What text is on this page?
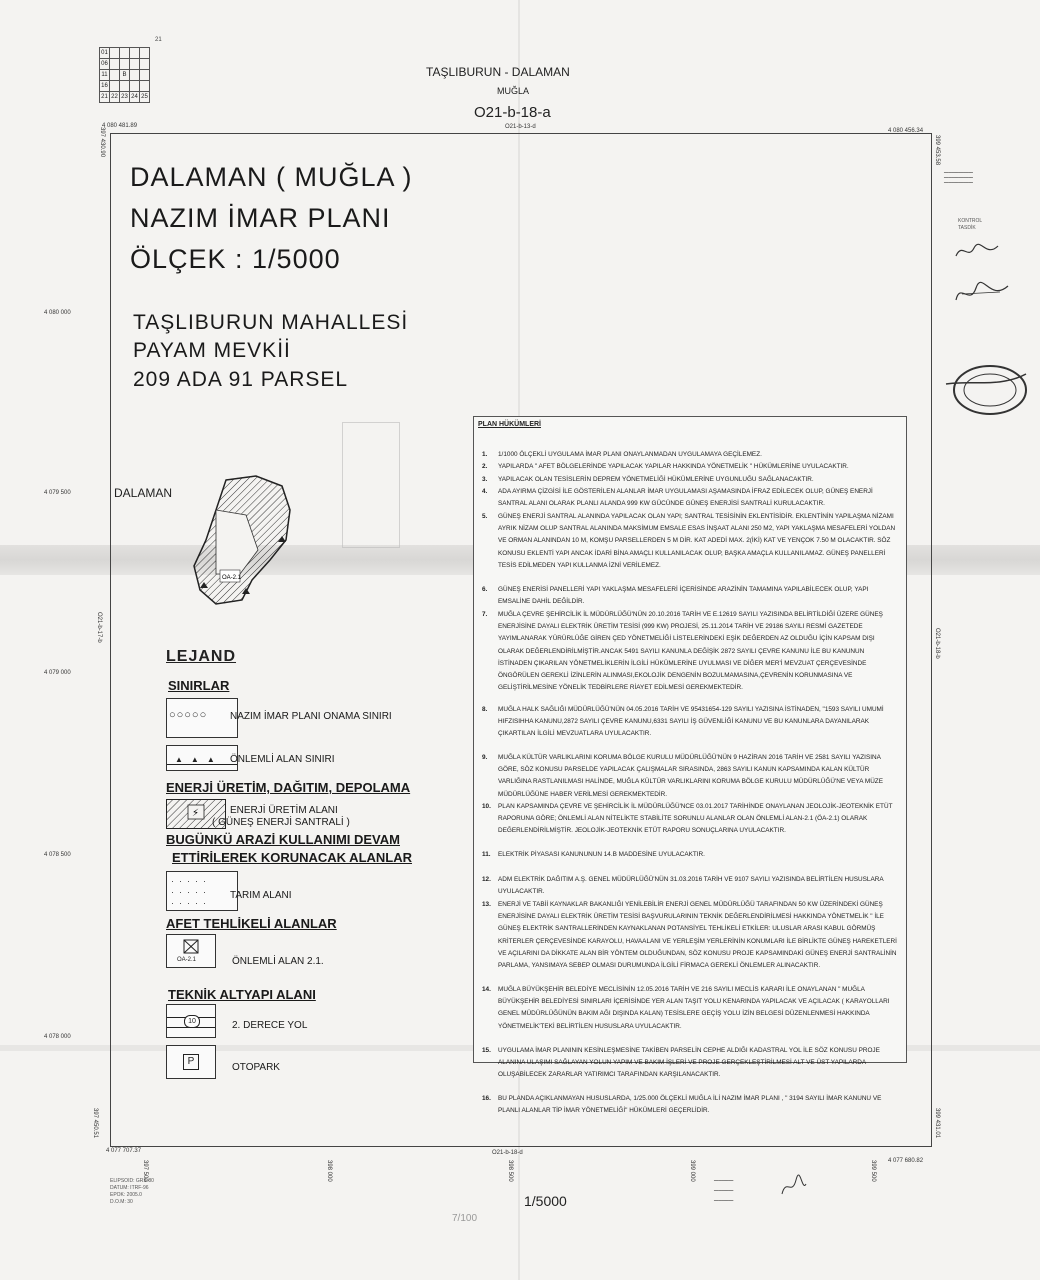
21
01				
06				
11		B		
16				
21	22	23	24	25
TAŞLIBURUN - DALAMAN
MUĞLA
O21-b-18-a
O21-b-13-d
O21-b-18-d
O21-b-17-b
O21-b-18-b
4 080 481.89
4 080 456.34
4 080 000
4 079 500
4 079 000
4 078 500
4 078 000
4 077 707.37
4 077 680.82
397 430.90
397 450.51
397 500	398 000	398 500	399 000	399 500
399 453.58
399 431.01
DALAMAN ( MUĞLA )
NAZIM İMAR PLANI
ÖLÇEK : 1/5000
TAŞLIBURUN MAHALLESİ
PAYAM MEVKİİ
209 ADA 91 PARSEL
DALAMAN
OA-2.1
LEJAND
SINIRLAR
○○○○○ NAZIM İMAR PLANI ONAMA SINIRI
▲▲▲ ÖNLEMLİ ALAN SINIRI
ENERJİ ÜRETİM, DAĞITIM, DEPOLAMA
⚡	ENERJİ ÜRETİM ALANI
( GÜNEŞ ENERJİ SANTRALİ )
BUGÜNKÜ ARAZİ KULLANIMI DEVAM
ETTİRİLEREK KORUNACAK ALANLAR
·····
·····
·····
TARIM ALANI
AFET TEHLİKELİ ALANLAR
OA-2.1	ÖNLEMLİ ALAN 2.1.
TEKNİK ALTYAPI ALANI
10	2. DERECE YOL
P
OTOPARK
PLAN HÜKÜMLERİ
1. 1/1000 ÖLÇEKLİ UYGULAMA İMAR PLANI ONAYLANMADAN UYGULAMAYA GEÇİLEMEZ.
2. YAPILARDA " AFET BÖLGELERİNDE YAPILACAK YAPILAR HAKKINDA YÖNETMELİK " HÜKÜMLERİNE UYULACAKTIR.
3. YAPILACAK OLAN TESİSLERİN DEPREM YÖNETMELİĞİ HÜKÜMLERİNE UYGUNLUĞU SAĞLANACAKTIR.
4. ADA AYIRMA ÇİZGİSİ İLE GÖSTERİLEN ALANLAR İMAR UYGULAMASI AŞAMASINDA İFRAZ EDİLECEK OLUP, GÜNEŞ ENERJİ SANTRAL ALANI OLARAK PLANLI ALANDA 999 KW GÜCÜNDE GÜNEŞ ENERJİSİ SANTRALİ KURULACAKTIR.
5. GÜNEŞ ENERJİ SANTRAL ALANINDA YAPILACAK OLAN YAPI; SANTRAL TESİSİNİN EKLENTİSİDİR. EKLENTİNİN YAPILAŞMA NİZAMI AYRIK NİZAM OLUP SANTRAL ALANINDA MAKSİMUM EMSALE ESAS İNŞAAT ALANI 250 M2, YAPI YAKLAŞMA MESAFELERİ YOLDAN VE ORMAN ALANINDAN 10 M, KOMŞU PARSELLERDEN 5 M DİR. KAT ADEDİ MAX. 2(İKİ) KAT VE YENÇOK 7.50 M OLACAKTIR. SÖZ KONUSU EKLENTİ YAPI ANCAK İDARİ BİNA AMAÇLI KULLANILACAK OLUP, BAŞKA AMAÇLA KULLANILAMAZ. GÜNEŞ PANELLERİ TESİS EDİLMEDEN YAPI KULLANMA İZNİ VERİLEMEZ.
6. GÜNEŞ ENERİSİ PANELLERİ YAPI YAKLAŞMA MESAFELERİ İÇERİSİNDE ARAZİNİN TAMAMINA YAPILABİLECEK OLUP, YAPI EMSALİNE DAHİL DEĞİLDİR.
7. MUĞLA ÇEVRE ŞEHİRCİLİK İL MÜDÜRLÜĞÜ'NÜN 20.10.2016 TARİH VE E.12619 SAYILI YAZISINDA BELİRTİLDİĞİ ÜZERE GÜNEŞ ENERJİSİNE DAYALI ELEKTRİK ÜRETİM TESİSİ (999 KW) PROJESİ, 25.11.2014 TARİH VE 29186 SAYILI RESMİ GAZETEDE YAYIMLANARAK YÜRÜRLÜĞE GİREN ÇED YÖNETMELİĞİ LİSTELERİNDEKİ EŞİK DEĞERDEN AZ OLDUĞU İÇİN KAPSAM DIŞI OLARAK DEĞERLENDİRİLMİŞTİR.ANCAK 5491 SAYILI KANUNLA DEĞİŞİK 2872 SAYILI ÇEVRE KANUNU İLE BU KANUNUN İSTİNADEN ÇIKARILAN YÖNETMELİKLERİN İLGİLİ HÜKÜMLERİNE UYULMASI VE DİĞER MER'İ MEVZUAT ÇERÇEVESİNDE ÖNGÖRÜLEN GEREKLİ İZİNLERİN ALINMASI,EKOLOJİK DENGENİN BOZULMAMASINA,ÇEVRENİN KORUNMASINA VE GELİŞTİRİLMESİNE YÖNELİK TEDBİRLERE RİAYET EDİLMESİ GEREKMEKTEDİR.
8. MUĞLA HALK SAĞLIĞI MÜDÜRLÜĞÜ'NÜN 04.05.2016 TARİH VE 95431654-129 SAYILI YAZISINA İSTİNADEN, "1593 SAYILI UMUMİ HIFZISIHHA KANUNU,2872 SAYILI ÇEVRE KANUNU,6331 SAYILI İŞ GÜVENLİĞİ KANUNU VE BU KANUNLARA DAYANILARAK ÇIKARTILAN İLGİLİ MEVZUATLARA UYULACAKTIR.
9. MUĞLA KÜLTÜR VARLIKLARINI KORUMA BÖLGE KURULU MÜDÜRLÜĞÜ'NÜN 9 HAZİRAN 2016 TARİH VE 2581 SAYILI YAZISINA GÖRE, SÖZ KONUSU PARSELDE YAPILACAK ÇALIŞMALAR SIRASINDA, 2863 SAYILI KANUN KAPSAMINDA KALAN KÜLTÜR VARLIĞINA RASTLANILMASI HALİNDE, MUĞLA KÜLTÜR VARLIKLARINI KORUMA BÖLGE KURULU MÜDÜRLÜĞÜ'NE VEYA MÜZE MÜDÜRLÜĞÜNE HABER VERİLMESİ GEREKMEKTEDİR.
10. PLAN KAPSAMINDA ÇEVRE VE ŞEHİRCİLİK İL MÜDÜRLÜĞÜ'NCE 03.01.2017 TARİHİNDE ONAYLANAN JEOLOJİK-JEOTEKNİK ETÜT RAPORUNA GÖRE; ÖNLEMLİ ALAN NİTELİKTE STABİLİTE SORUNLU ALANLAR OLAN ÖNLEMLİ ALAN-2.1 (ÖA-2.1) OLARAK DEĞERLENDİRİLMİŞTİR. JEOLOJİK-JEOTEKNİK ETÜT RAPORU SONUÇLARINA UYULACAKTIR.
11. ELEKTRİK PİYASASI KANUNUNUN 14.B MADDESİNE UYULACAKTIR.
12. ADM ELEKTRİK DAĞITIM A.Ş. GENEL MÜDÜRLÜĞÜ'NÜN 31.03.2016 TARİH VE 9107 SAYILI YAZISINDA BELİRTİLEN HUSUSLARA UYULACAKTIR.
13. ENERJİ VE TABİİ KAYNAKLAR BAKANLIĞI YENİLEBİLİR ENERJİ GENEL MÜDÜRLÜĞÜ TARAFINDAN 50 KW ÜZERİNDEKİ GÜNEŞ ENERJİSİNE DAYALI ELEKTRİK ÜRETİM TESİSİ BAŞVURULARININ TEKNİK DEĞERLENDİRİLMESİ HAKKINDA YÖNETMELİK " İLE GÜNEŞ ELEKTRİK SANTRALLERİNDEN KAYNAKLANAN POTANSİYEL TEHLİKELİ ETKİLER: ULUSLAR ARASI KABUL GÖRMÜŞ KRİTERLER ÇERÇEVESİNDE KARAYOLU, HAVAALANI VE YERLEŞİM YERLERİNİN KONUMLARI İLE BİRLİKTE GÜNEŞ HAREKETLERİ VE AÇILARINI DA DİKKATE ALAN BİR YÖNTEM OLDUĞUNDAN, SÖZ KONUSU PROJE KAPSAMINDAKİ GÜNEŞ ENERJİ SANTRALİNİN PARLAMA, YANSIMAYA SEBEP OLMASI DURUMUNDA İLGİLİ FİRMACA GEREKLİ ÖNLEMLER ALINACAKTIR.
14. MUĞLA BÜYÜKŞEHİR BELEDİYE MECLİSİNİN 12.05.2016 TARİH VE 216 SAYILI MECLİS KARARI İLE ONAYLANAN " MUĞLA BÜYÜKŞEHİR BELEDİYESİ SINIRLARI İÇERİSİNDE YER ALAN TAŞIT YOLU KENARINDA YAPILACAK VE AÇILACAK ( KARAYOLLARI GENEL MÜDÜRLÜĞÜNÜN BAKIM AĞI DIŞINDA KALAN) TESİSLERE GEÇİŞ YOLU İZİN BELGESİ DÜZENLENMESİ HAKKINDA YÖNETMELİK'TEKİ BELİRTİLEN HUSUSLARA UYULACAKTIR.
15. UYGULAMA İMAR PLANININ KESİNLEŞMESİNE TAKİBEN PARSELİN CEPHE ALDIĞI KADASTRAL YOL İLE SÖZ KONUSU PROJE ALANINA ULAŞIMI SAĞLAYAN YOLUN YAPIM VE BAKIM İŞLERİ VE PROJE GERÇEKLEŞTİRİLMESİ ALT VE ÜST YAPILARDA OLUŞABİLECEK ZARARLAR YATIRIMCI TARAFINDAN KARŞILANACAKTIR.
16. BU PLANDA AÇIKLANMAYAN HUSUSLARDA, 1/25.000 ÖLÇEKLİ MUĞLA İLİ NAZIM İMAR PLANI , " 3194 SAYILI İMAR KANUNU VE PLANLI ALANLAR TİP İMAR YÖNETMELİĞİ" HÜKÜMLERİ GEÇERLİDİR.
━━━━━━━━━━━━
━━━━━━━━━━━━
━━━━━━━━━━━━
KONTROL
TASDİK
1/5000
7/100
ELIPSOID: GRS-80
DATUM: ITRF-96
EPOK: 2005.0
D.O.M: 30
━━━━━━━━
━━━━━━━━
━━━━━━━━
